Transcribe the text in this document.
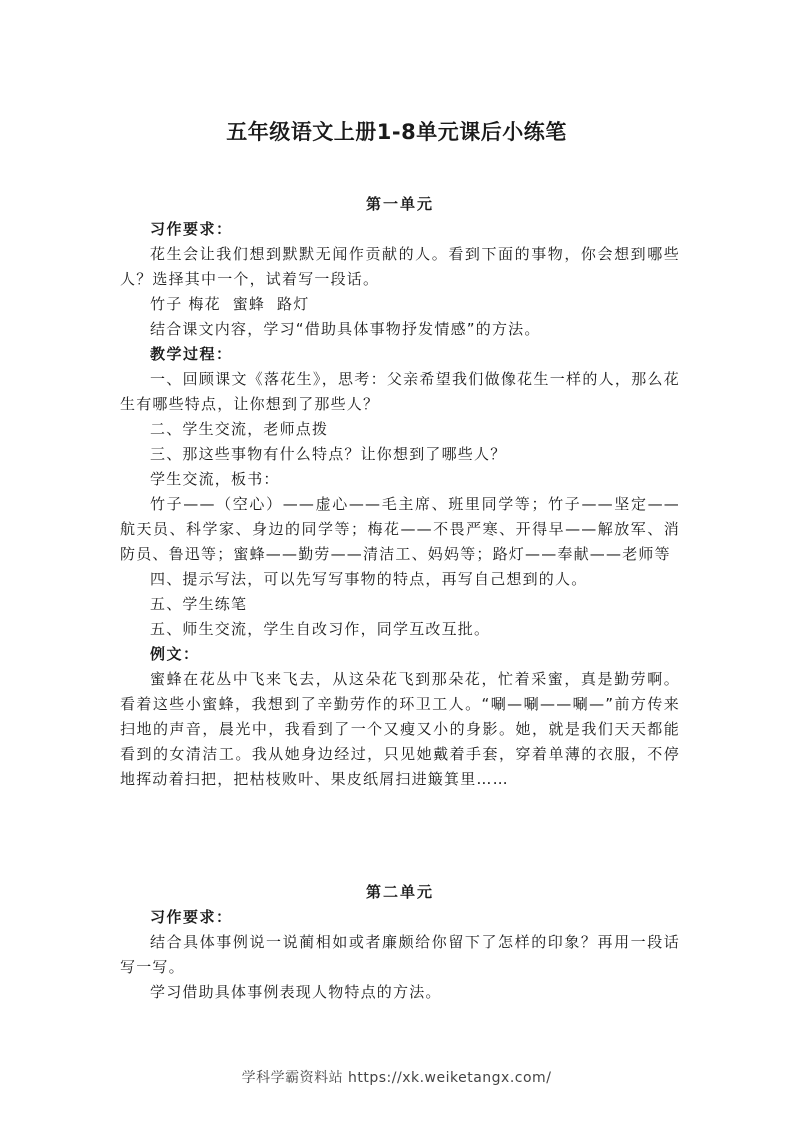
五年级语文上册1-8单元课后小练笔
第一单元
习作要求：

花生会让我们想到默默无闻作贡献的人。看到下面的事物，你会想到哪些人？选择其中一个，试着写一段话。

竹子 梅花  蜜蜂  路灯

结合课文内容，学习“借助具体事物抒发情感”的方法。

教学过程：

一、回顾课文《落花生》，思考：父亲希望我们做像花生一样的人，那么花生有哪些特点，让你想到了那些人？

二、学生交流，老师点拨

三、那这些事物有什么特点？让你想到了哪些人？

学生交流，板书：

竹子——（空心）——虚心——毛主席、班里同学等；竹子——坚定——航天员、科学家、身边的同学等；梅花——不畏严寒、开得早——解放军、消防员、鲁迅等；蜜蜂——勤劳——清洁工、妈妈等；路灯——奉献——老师等

四、提示写法，可以先写写事物的特点，再写自己想到的人。

五、学生练笔

五、师生交流，学生自改习作，同学互改互批。

例文：

蜜蜂在花丛中飞来飞去，从这朵花飞到那朵花，忙着采蜜，真是勤劳啊。看着这些小蜜蜂，我想到了辛勤劳作的环卫工人。“唰—唰——唰—”前方传来扫地的声音，晨光中，我看到了一个又瘦又小的身影。她，就是我们天天都能看到的女清洁工。我从她身边经过，只见她戴着手套，穿着单薄的衣服，不停地挥动着扫把，把枯枝败叶、果皮纸屑扫进簸箕里……

第二单元
习作要求：

结合具体事例说一说蔺相如或者廉颇给你留下了怎样的印象？再用一段话写一写。

学习借助具体事例表现人物特点的方法。

学科学霸资料站 https://xk.weiketangx.com/
